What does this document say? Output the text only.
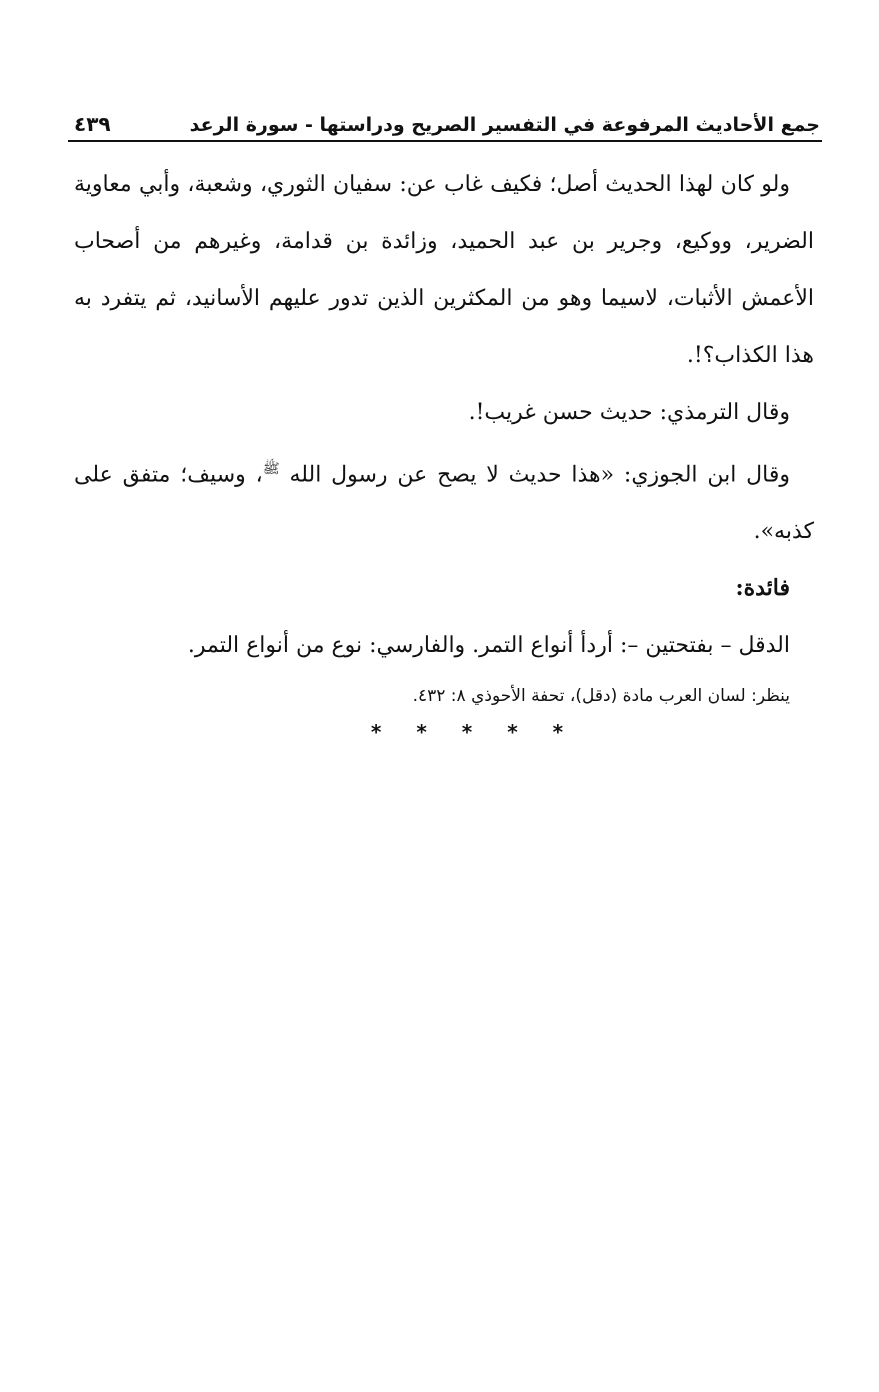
جمع الأحاديث المرفوعة في التفسير الصريح ودراستها - سورة الرعد
٤٣٩

ولو كان لهذا الحديث أصل؛ فكيف غاب عن: سفيان الثوري، وشعبة، وأبي معاوية الضرير، ووكيع، وجرير بن عبد الحميد، وزائدة بن قدامة، وغيرهم من أصحاب الأعمش الأثبات، لاسيما وهو من المكثرين الذين تدور عليهم الأسانيد، ثم يتفرد به هذا الكذاب؟!.

وقال الترمذي: حديث حسن غريب!.

وقال ابن الجوزي: «هذا حديث لا يصح عن رسول الله $^ﷺ$، وسيف؛ متفق على كذبه».

فائدة:

الدقل – بفتحتين –: أردأ أنواع التمر. والفارسي: نوع من أنواع التمر.

ينظر: لسان العرب مادة (دقل)، تحفة الأحوذي ٨: ٤٣٢.

* * * * *
